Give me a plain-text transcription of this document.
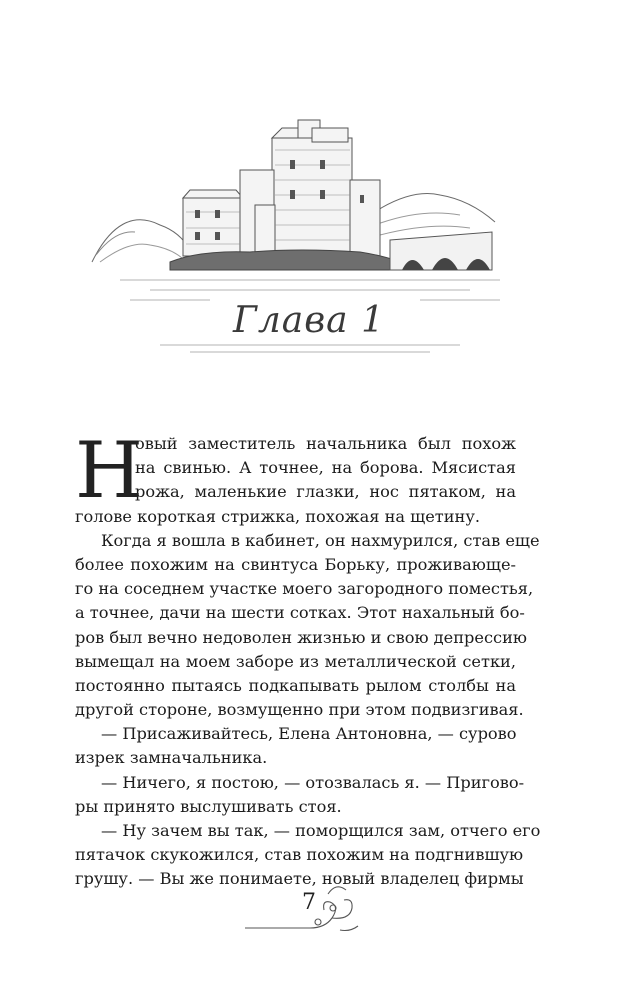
Глава 1
Н
овый заместитель начальника был похож
на свинью. А точнее, на борова. Мясистая
рожа, маленькие глазки, нос пятаком, на
голове короткая стрижка, похожая на щетину.
Когда я вошла в кабинет, он нахмурился, став еще
более похожим на свинтуса Борьку, проживающе-
го на соседнем участке моего загородного поместья,
а точнее, дачи на шести сотках. Этот нахальный бо-
ров был вечно недоволен жизнью и свою депрессию
вымещал на моем заборе из металлической сетки,
постоянно пытаясь подкапывать рылом столбы на
другой стороне, возмущенно при этом подвизгивая.
— Присаживайтесь, Елена Антоновна, — сурово
изрек замначальника.
— Ничего, я постою, — отозвалась я. — Пригово-
ры принято выслушивать стоя.
— Ну зачем вы так, — поморщился зам, отчего его
пятачок скукожился, став похожим на подгнившую
грушу. — Вы же понимаете, новый владелец фирмы
7
